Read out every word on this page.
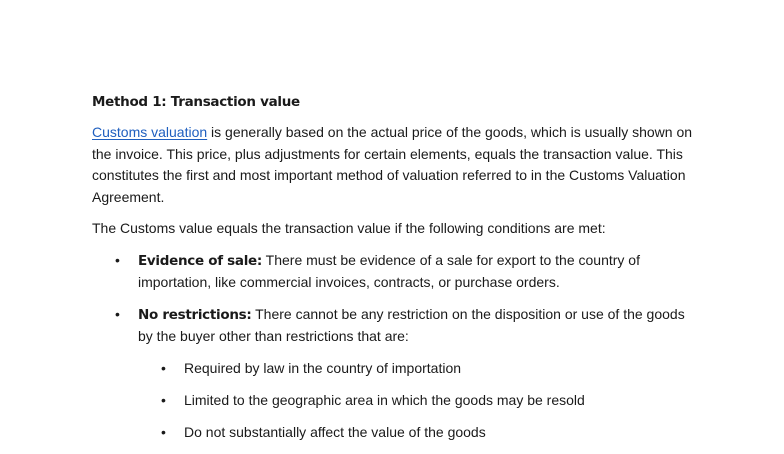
Method 1: Transaction value

Customs valuation is generally based on the actual price of the goods, which is usually shown on the invoice. This price, plus adjustments for certain elements, equals the transaction value. This constitutes the first and most important method of valuation referred to in the Customs Valuation Agreement.

The Customs value equals the transaction value if the following conditions are met:

• Evidence of sale: There must be evidence of a sale for export to the country of importation, like commercial invoices, contracts, or purchase orders.
• No restrictions: There cannot be any restriction on the disposition or use of the goods by the buyer other than restrictions that are:
• Required by law in the country of importation
• Limited to the geographic area in which the goods may be resold
• Do not substantially affect the value of the goods
